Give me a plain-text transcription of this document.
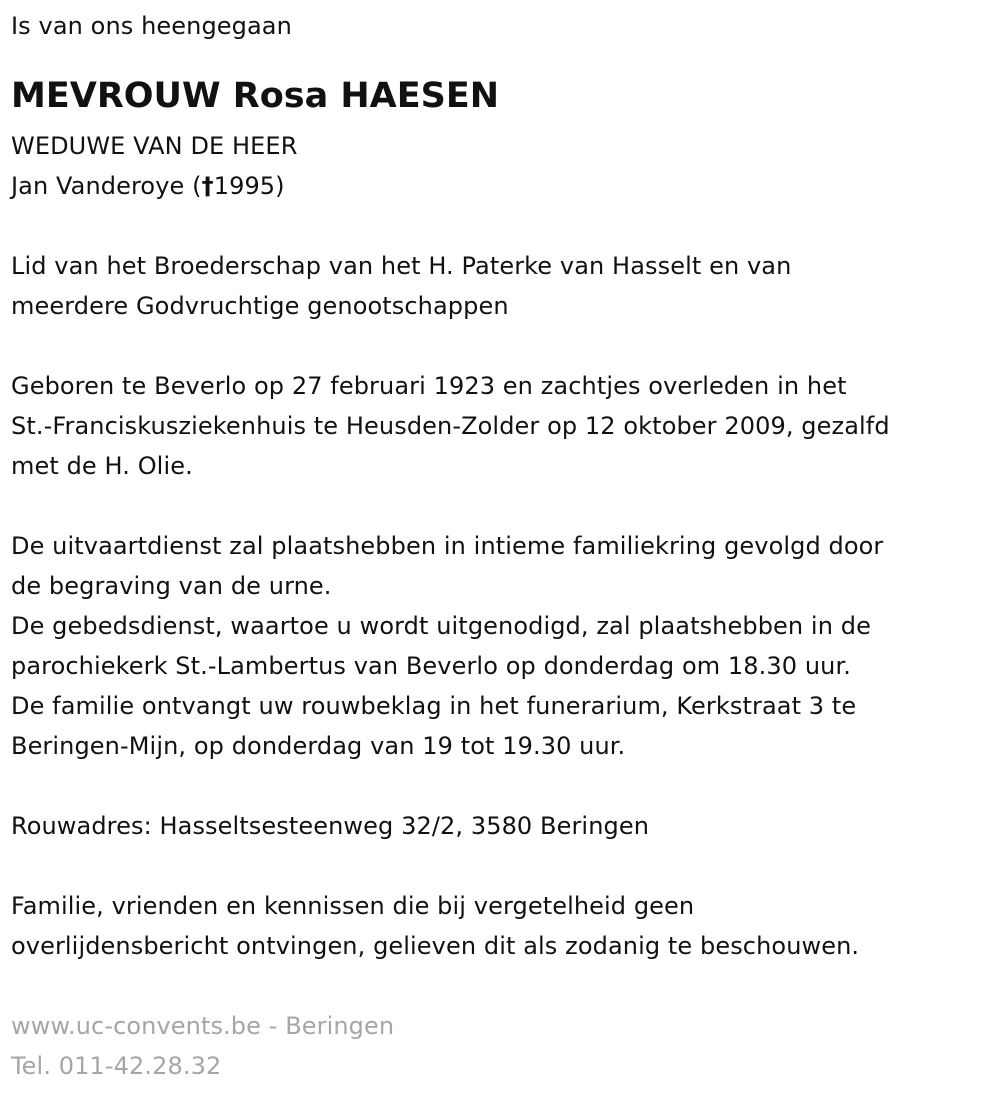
Is van ons heengegaan
MEVROUW Rosa HAESEN
WEDUWE VAN DE HEER
Jan Vanderoye (†1995)
Lid van het Broederschap van het H. Paterke van Hasselt en van
meerdere Godvruchtige genootschappen
Geboren te Beverlo op 27 februari 1923 en zachtjes overleden in het
St.-Franciskusziekenhuis te Heusden-Zolder op 12 oktober 2009, gezalfd
met de H. Olie.
De uitvaartdienst zal plaatshebben in intieme familiekring gevolgd door
de begraving van de urne.
De gebedsdienst, waartoe u wordt uitgenodigd, zal plaatshebben in de
parochiekerk St.-Lambertus van Beverlo op donderdag om 18.30 uur.
De familie ontvangt uw rouwbeklag in het funerarium, Kerkstraat 3 te
Beringen-Mijn, op donderdag van 19 tot 19.30 uur.
Rouwadres: Hasseltsesteenweg 32/2, 3580 Beringen
Familie, vrienden en kennissen die bij vergetelheid geen
overlijdensbericht ontvingen, gelieven dit als zodanig te beschouwen.
www.uc-convents.be - Beringen
Tel. 011-42.28.32
